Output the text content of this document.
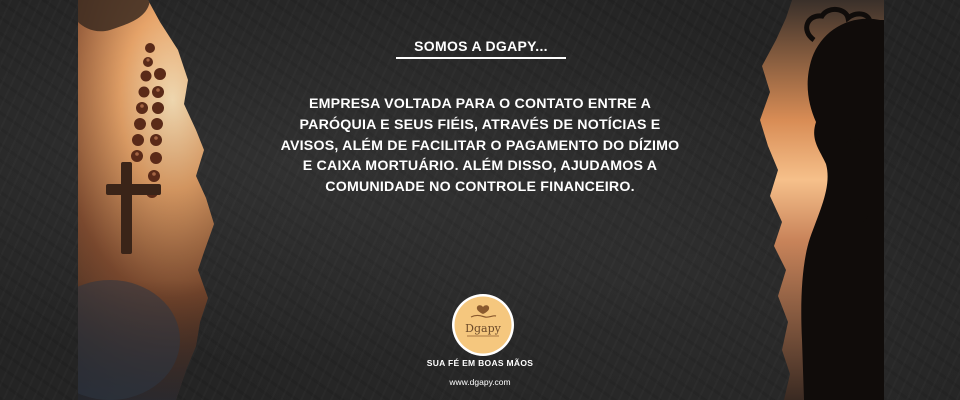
SOMOS A DGAPY...
EMPRESA VOLTADA PARA O CONTATO ENTRE A PARÓQUIA E SEUS FIÉIS, ATRAVÉS DE NOTÍCIAS E AVISOS, ALÉM DE FACILITAR O PAGAMENTO DO DÍZIMO E CAIXA MORTUÁRIO. ALÉM DISSO, AJUDAMOS A COMUNIDADE NO CONTROLE FINANCEIRO.
Dgapy
SUA FÉ EM BOAS MÃOS
www.dgapy.com
